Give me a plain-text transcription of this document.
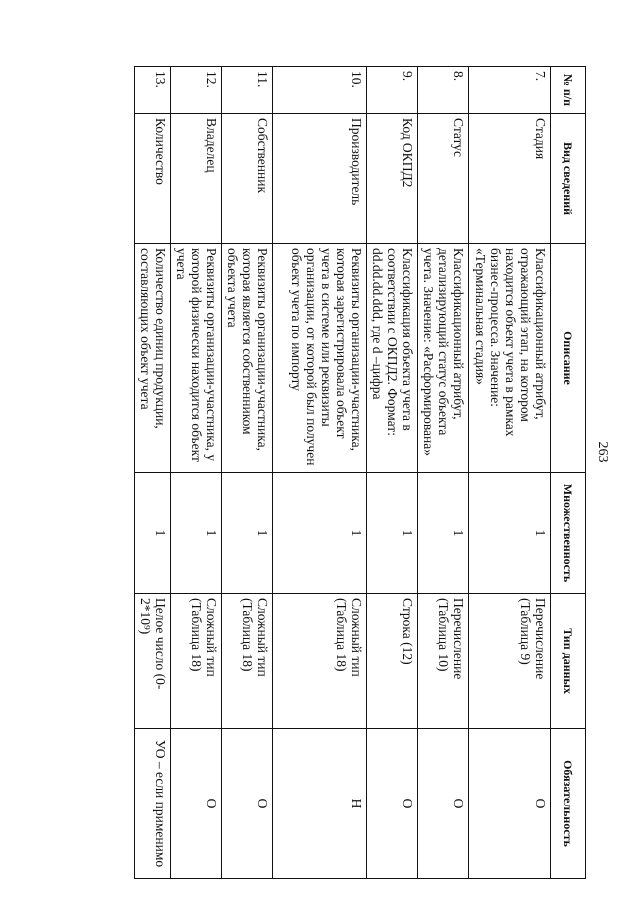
263
№ п/п	Вид сведений	Описание	Множественность	Тип данных	Обязательность
7.	Стадия	Классификационный атрибут, отражающий этап, на котором находится объект учета в рамках бизнес-процесса. Значение: «Терминальная стадия»	1	Перечисление (Таблица 9)	О
8.	Статус	Классификационный атрибут, детализирующий статус объекта учета. Значение: «Расформирована»	1	Перечисление (Таблица 10)	О
9.	Код ОКПД2	Классификация объекта учета в соответствии с ОКПД2. Формат: dd.dd.dd.ddd, где d –цифра	1	Строка (12)	О
10.	Производитель	Реквизиты организации-участника, которая зарегистрировала объект учета в системе или реквизиты организации, от которой был получен объект учета по импорту	1	Сложный тип (Таблица 18)	Н
11.	Собственник	Реквизиты организации-участника, которая является собственником объекта учета	1	Сложный тип (Таблица 18)	О
12.	Владелец	Реквизиты организации-участника, у которой физически находится объект учета	1	Сложный тип (Таблица 18)	О
13.	Количество	Количество единиц продукции, составляющих объект учета	1	Целое число (0-2*10⁹)	УО – если применимо
